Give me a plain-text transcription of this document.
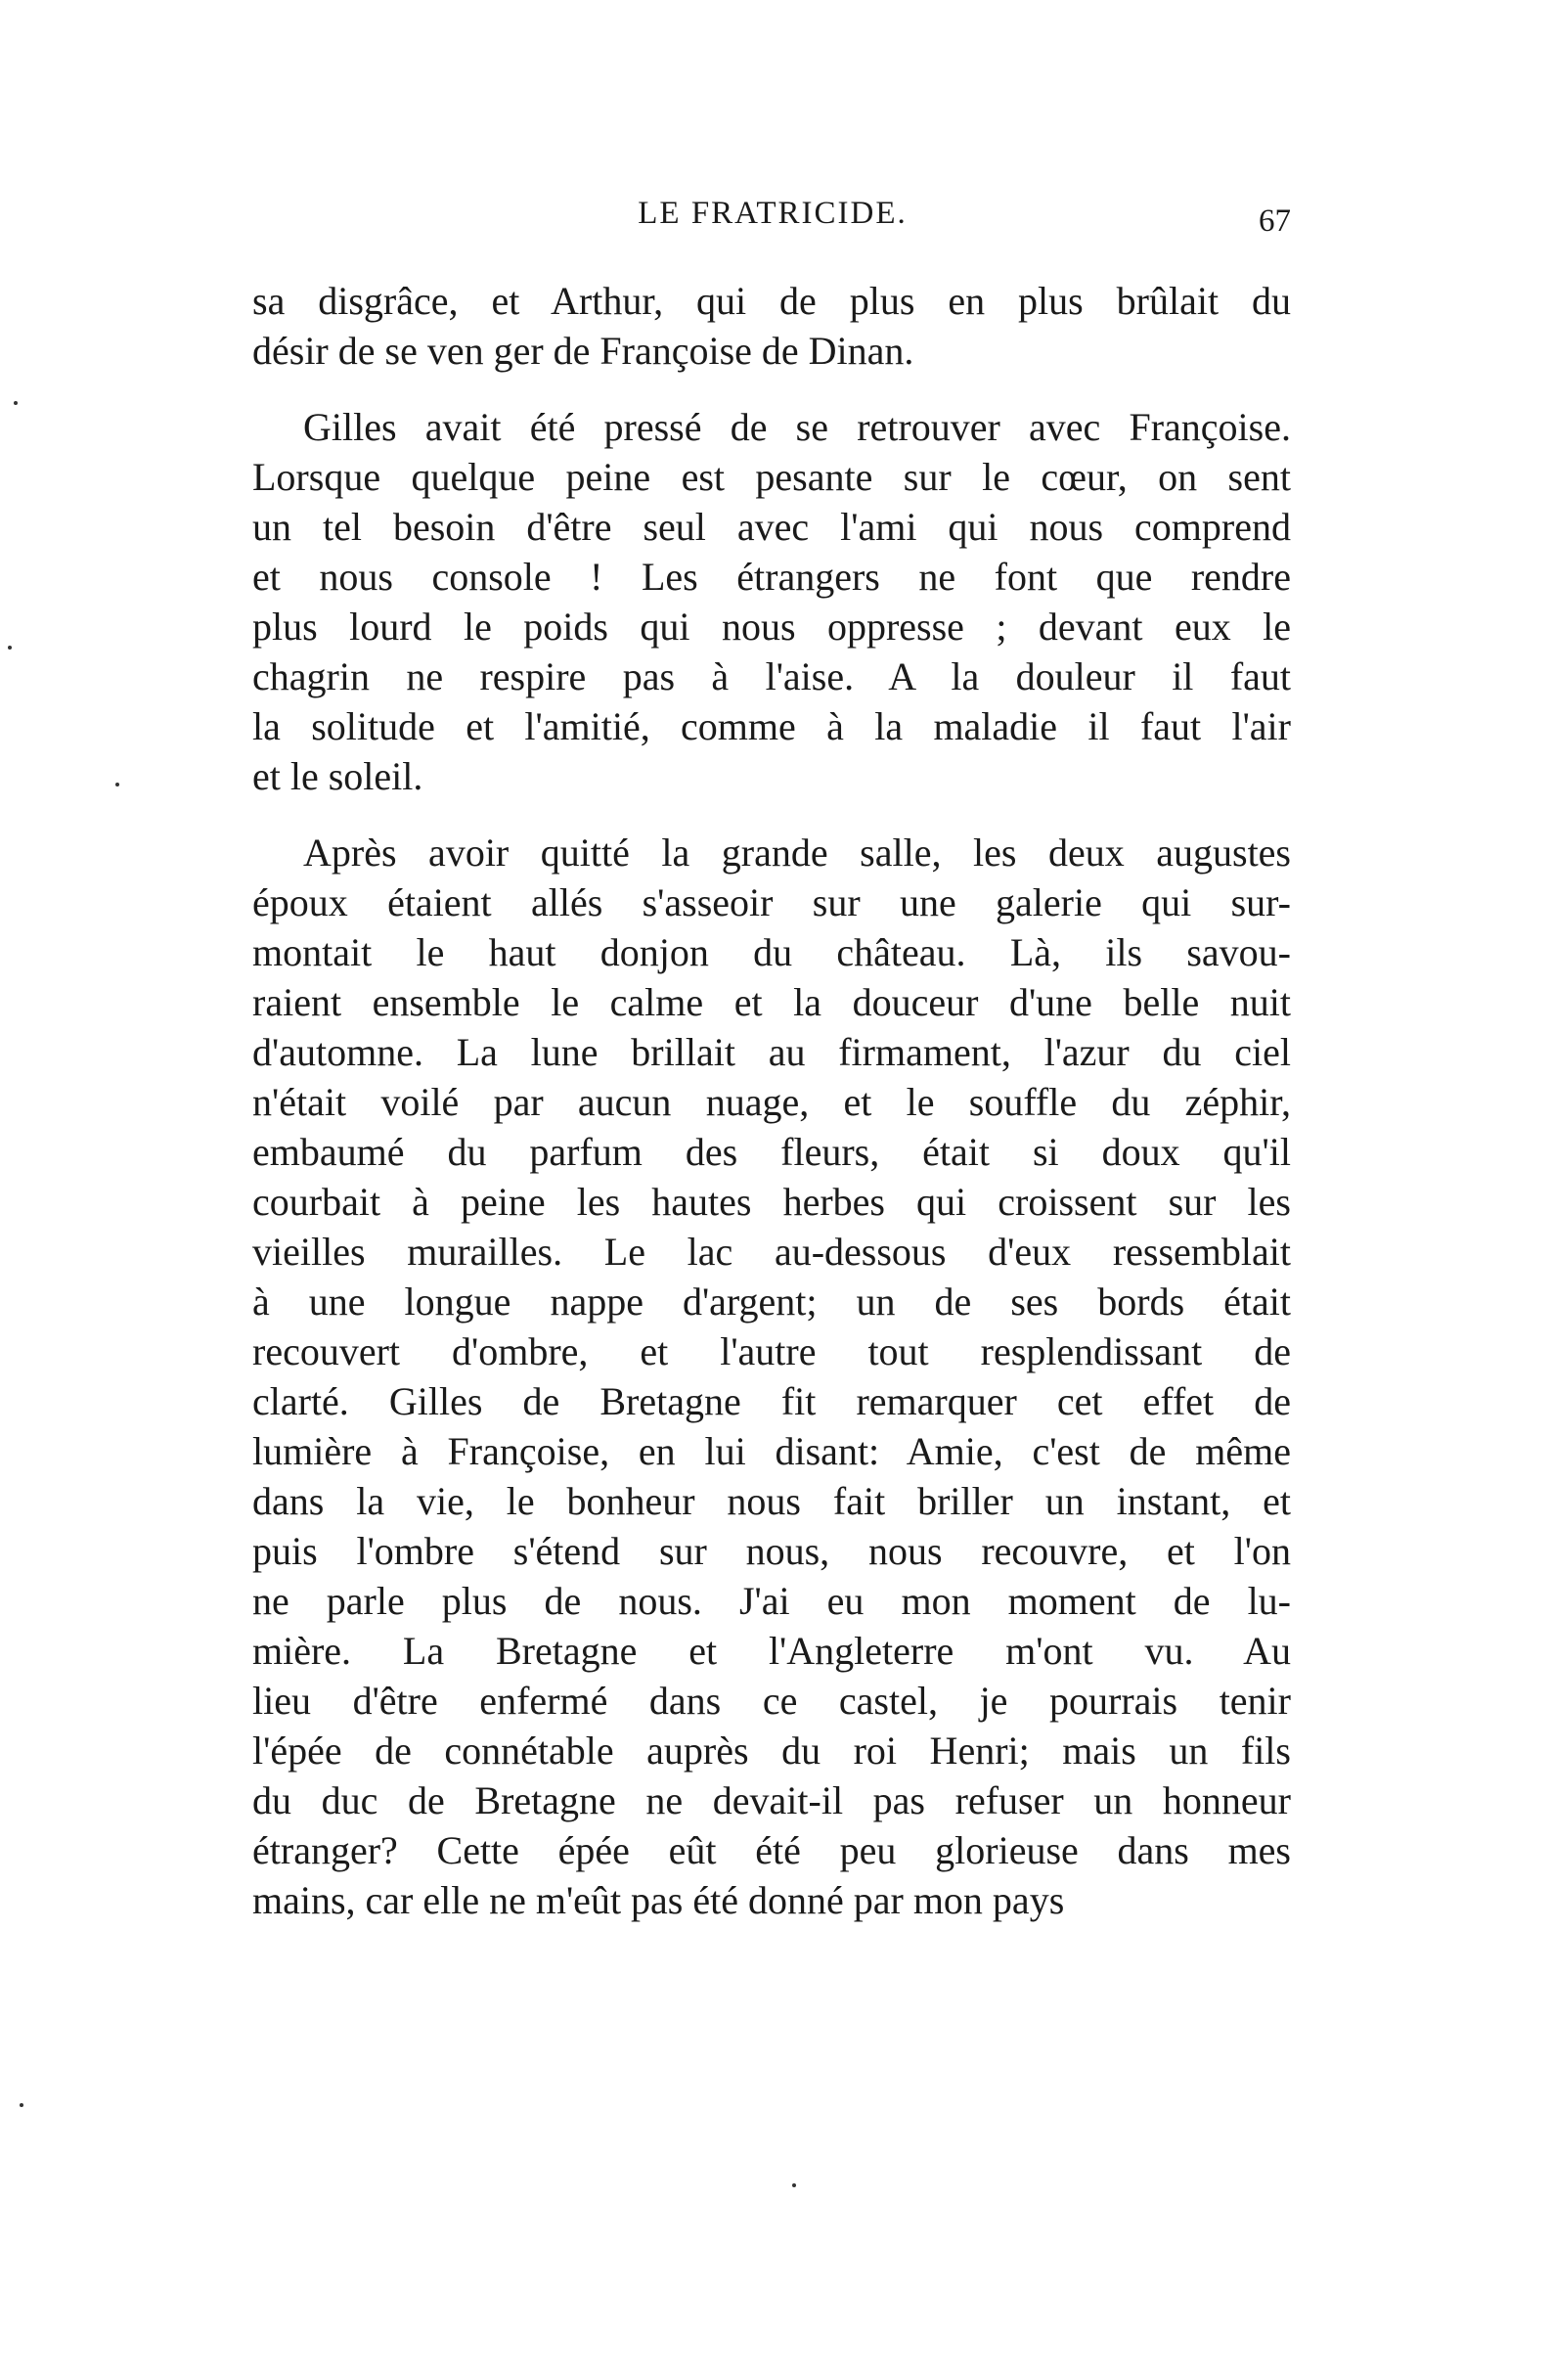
LE FRATRICIDE.	67
sa disgrâce, et Arthur, qui de plus en plus brûlait du
désir de se ven ger de Françoise de Dinan.
Gilles avait été pressé de se retrouver avec Françoise.
Lorsque quelque peine est pesante sur le cœur, on sent
un tel besoin d'être seul avec l'ami qui nous comprend
et nous console ! Les étrangers ne font que rendre
plus lourd le poids qui nous oppresse ; devant eux le
chagrin ne respire pas à l'aise. A la douleur il faut
la solitude et l'amitié, comme à la maladie il faut l'air
et le soleil.
Après avoir quitté la grande salle, les deux augustes
époux étaient allés s'asseoir sur une galerie qui sur-
montait le haut donjon du château. Là, ils savou-
raient ensemble le calme et la douceur d'une belle nuit
d'automne. La lune brillait au firmament, l'azur du ciel
n'était voilé par aucun nuage, et le souffle du zéphir,
embaumé du parfum des fleurs, était si doux qu'il
courbait à peine les hautes herbes qui croissent sur les
vieilles murailles. Le lac au-dessous d'eux ressemblait
à une longue nappe d'argent; un de ses bords était
recouvert d'ombre, et l'autre tout resplendissant de
clarté. Gilles de Bretagne fit remarquer cet effet de
lumière à Françoise, en lui disant: Amie, c'est de même
dans la vie, le bonheur nous fait briller un instant, et
puis l'ombre s'étend sur nous, nous recouvre, et l'on
ne parle plus de nous. J'ai eu mon moment de lu-
mière. La Bretagne et l'Angleterre m'ont vu. Au
lieu d'être enfermé dans ce castel, je pourrais tenir
l'épée de connétable auprès du roi Henri; mais un fils
du duc de Bretagne ne devait-il pas refuser un honneur
étranger? Cette épée eût été peu glorieuse dans mes
mains, car elle ne m'eût pas été donné par mon pays
